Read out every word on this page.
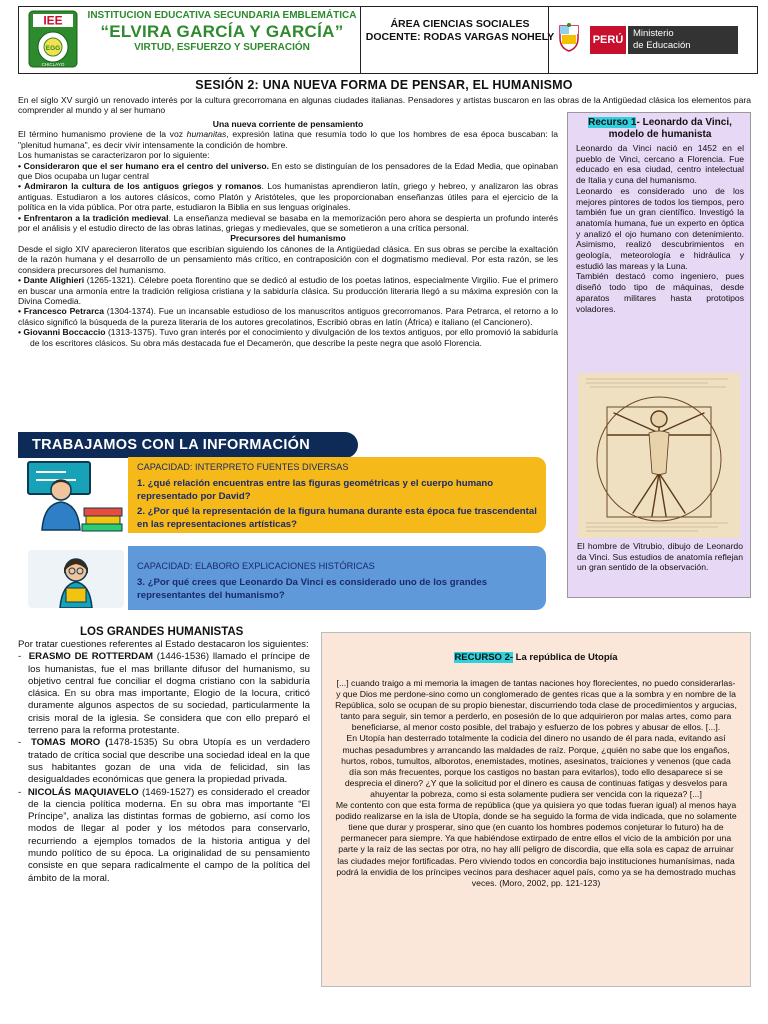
IEE
EGG
CHICLAYO
INSTITUCION EDUCATIVA SECUNDARIA EMBLEMÁTICA
“ELVIRA GARCÍA Y GARCÍA”
VIRTUD, ESFUERZO Y SUPERACIÓN
ÁREA CIENCIAS SOCIALES
DOCENTE: RODAS VARGAS NOHELY	PERÚ
Ministerio
de Educación
SESIÓN 2: UNA NUEVA FORMA DE PENSAR, EL HUMANISMO
En el siglo XV surgió un renovado interés por la cultura grecorromana en algunas ciudades italianas. Pensadores y artistas buscaron en las obras de la Antigüedad clásica los elementos para comprender al mundo y al ser humano

Una nueva corriente de pensamiento

El término humanismo proviene de la voz humanitas, expresión latina que resumía todo lo que los hombres de esa época buscaban: la "plenitud humana", es decir vivir intensamente la condición de hombre.

Los humanistas se caracterizaron por lo siguiente:

• Consideraron que el ser humano era el centro del universo. En esto se distinguían de los pensadores de la Edad Media, que opinaban que Dios ocupaba un lugar central

• Admiraron la cultura de los antiguos griegos y romanos. Los humanistas aprendieron latín, griego y hebreo, y analizaron las obras antiguas. Estudiaron a los autores clásicos, como Platón y Aristóteles, que les proporcionaban enseñanzas útiles para el ejercicio de la política en la vida pública. Por otra parte, estudiaron la Biblia en sus lenguas originales.

• Enfrentaron a la tradición medieval. La enseñanza medieval se basaba en la memorización pero ahora se despierta un profundo interés por el análisis y el estudio directo de las obras latinas, griegas y medievales, que se sometieron a una crítica personal.

Precursores del humanismo

Desde el siglo XIV aparecieron literatos que escribían siguiendo los cánones de la Antigüedad clásica. En sus obras se percibe la exaltación de la razón humana y el desarrollo de un pensamiento más crítico, en contraposición con el dogmatismo medieval. Por esta razón, se les considera precursores del humanismo.

• Dante Alighieri (1265-1321). Célebre poeta florentino que se dedicó al estudio de los poetas latinos, especialmente Virgilio. Fue el primero en buscar una armonía entre la tradición religiosa cristiana y la sabiduría clásica. Su producción literaria llegó a su máxima expresión con la Divina Comedia.

• Francesco Petrarca (1304-1374). Fue un incansable estudioso de los manuscritos antiguos grecorromanos. Para Petrarca, el retorno a lo clásico significó la búsqueda de la pureza literaria de los autores grecolatinos, Escribió obras en latín (África) e italiano (el Cancionero).

• Giovanni Boccaccio (1313-1375). Tuvo gran interés por el conocimiento y divulgación de los textos antiguos, por ello promovió la sabiduría de los escritores clásicos. Su obra más destacada fue el Decamerón, que describe la peste negra que asoló Florencia.

TRABAJAMOS CON LA INFORMACIÓN
CAPACIDAD: INTERPRETO FUENTES DIVERSAS
1. ¿qué relación encuentras entre las figuras geométricas y el cuerpo humano representado por David?
2. ¿Por qué la representación de la figura humana durante esta época fue trascendental en las representaciones artísticas?
CAPACIDAD: ELABORO EXPLICACIONES HISTÓRICAS
3. ¿Por qué crees que Leonardo Da Vinci es considerado uno de los grandes representantes del humanismo?
Recurso 1- Leonardo da Vinci, modelo de humanista

Leonardo da Vinci nació en 1452 en el pueblo de Vinci, cercano a Florencia. Fue educado en esa ciudad, centro intelectual de Italia y cuna del humanismo.

Leonardo es considerado uno de los mejores pintores de todos los tiempos, pero también fue un gran científico. Investigó la anatomía humana, fue un experto en óptica y analizó el ojo humano con detenimiento. Asimismo, realizó descubrimientos en geología, meteorología e hidráulica y estudió las mareas y la Luna.

También destacó como ingeniero, pues diseñó todo tipo de máquinas, desde aparatos militares hasta prototipos voladores.

El hombre de Vitrubio, dibujo de Leonardo da Vinci. Sus estudios de anatomía reflejan un gran sentido de la observación.
LOS GRANDES HUMANISTAS

Por tratar cuestiones referentes al Estado destacaron los siguientes:

- ERASMO DE ROTTERDAM (1446-1536) llamado el príncipe de los humanistas, fue el mas brillante difusor del humanismo, su objetivo central fue conciliar el dogma cristiano con la sabiduría clásica. En su obra mas importante, Elogio de la locura, criticó duramente algunos aspectos de su sociedad, particularmente la crisis moral de la iglesia. Se considera que con ello preparó el terreno para la reforma protestante.

- TOMAS MORO (1478-1535) Su obra Utopía es un verdadero tratado de crítica social que describe una sociedad ideal en la que sus habitantes gozan de una vida de felicidad, sin las desigualdades económicas que genera la propiedad privada.

- NICOLÁS MAQUIAVELO (1469-1527) es considerado el creador de la ciencia política moderna. En su obra mas importante “El Príncipe”, analiza las distintas formas de gobierno, así como los modos de llegar al poder y los métodos para conservarlo, recurriendo a ejemplos tomados de la historia antigua y del mundo político de su época. La originalidad de su pensamiento consiste en que separa radicalmente el campo de la política del ámbito de la moral.

RECURSO 2- La república de Utopía

[...] cuando traigo a mi memoria la imagen de tantas naciones hoy florecientes, no puedo considerarlas-y que Dios me perdone-sino como un conglomerado de gentes ricas que a la sombra y en nombre de la República, solo se ocupan de su propio bienestar, discurriendo toda clase de procedimientos y argucias, tanto para seguir, sin temor a perderlo, en posesión de lo que adquirieron por malas artes, como para beneficiarse, al menor costo posible, del trabajo y esfuerzo de los pobres y abusar de ellos. [...].

En Utopía han desterrado totalmente la codicia del dinero no usando de él para nada, evitando así muchas pesadumbres y arrancando las maldades de raíz. Porque, ¿quién no sabe que los engaños, hurtos, robos, tumultos, alborotos, enemistades, motines, asesinatos, traiciones y venenos (que cada día son más frecuentes, porque los castigos no bastan para evitarlos), todo ello desaparece si se desprecia el dinero? ¿Y que la solicitud por el dinero es causa de continuas fatigas y desvelos para ahuyentar la pobreza, como si esta solamente pudiera ser vencida con la riqueza? [...]

Me contento con que esta forma de república (que ya quisiera yo que todas fueran igual) al menos haya podido realizarse en la isla de Utopía, donde se ha seguido la forma de vida indicada, que no solamente tiene que durar y prosperar, sino que (en cuanto los hombres podemos conjeturar lo futuro) ha de permanecer para siempre. Ya que habiéndose extirpado de entre ellos el vicio de la ambición por una parte y la raíz de las sectas por otra, no hay allí peligro de discordia, que ella sola es capaz de arruinar las ciudades mejor fortificadas. Pero viviendo todos en concordia bajo instituciones humanísimas, nada podrá la envidia de los príncipes vecinos para deshacer aquel país, como ya se ha demostrado muchas veces. (Moro, 2002, pp. 121-123)
